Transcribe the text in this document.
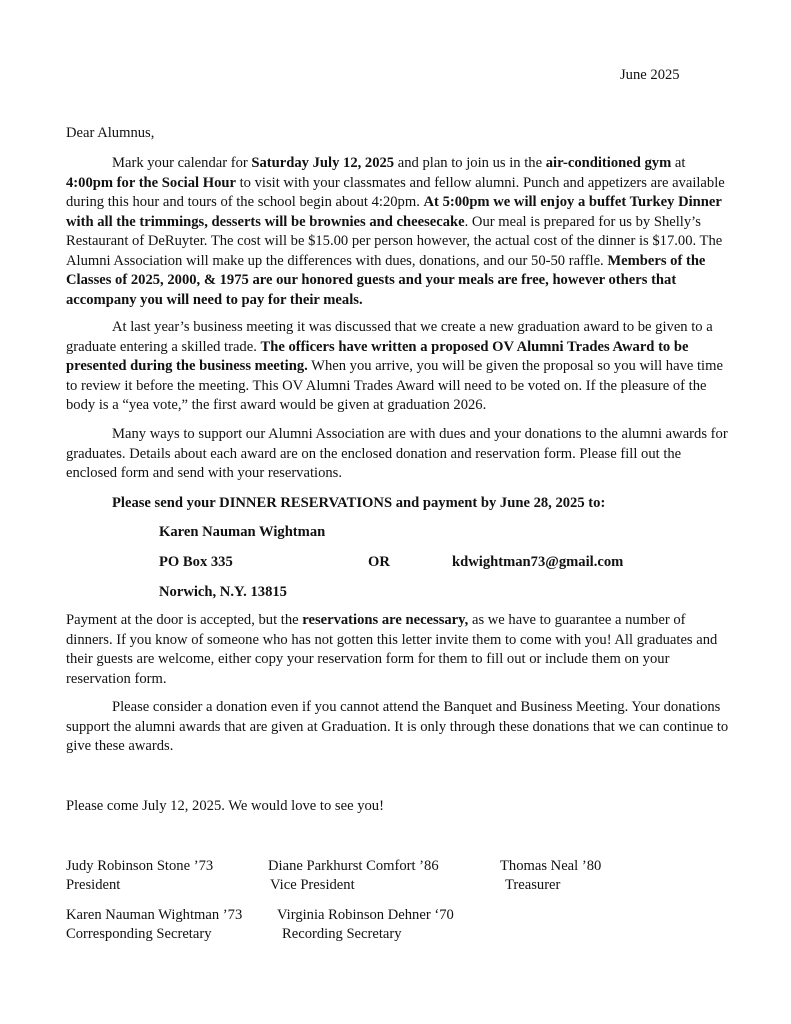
June 2025
Dear Alumnus,

Mark your calendar for Saturday July 12, 2025 and plan to join us in the air-conditioned gym at 4:00pm for the Social Hour to visit with your classmates and fellow alumni. Punch and appetizers are available during this hour and tours of the school begin about 4:20pm. At 5:00pm we will enjoy a buffet Turkey Dinner with all the trimmings, desserts will be brownies and cheesecake. Our meal is prepared for us by Shelly’s Restaurant of DeRuyter. The cost will be $15.00 per person however, the actual cost of the dinner is $17.00. The Alumni Association will make up the differences with dues, donations, and our 50-50 raffle. Members of the Classes of 2025, 2000, & 1975 are our honored guests and your meals are free, however others that accompany you will need to pay for their meals.

At last year’s business meeting it was discussed that we create a new graduation award to be given to a graduate entering a skilled trade. The officers have written a proposed OV Alumni Trades Award to be presented during the business meeting. When you arrive, you will be given the proposal so you will have time to review it before the meeting. This OV Alumni Trades Award will need to be voted on. If the pleasure of the body is a “yea vote,” the first award would be given at graduation 2026.

Many ways to support our Alumni Association are with dues and your donations to the alumni awards for graduates. Details about each award are on the enclosed donation and reservation form. Please fill out the enclosed form and send with your reservations.

Please send your DINNER RESERVATIONS and payment by June 28, 2025 to:
Karen Nauman Wightman
PO Box 335	OR	kdwightman73@gmail.com
Norwich, N.Y. 13815

Payment at the door is accepted, but the reservations are necessary, as we have to guarantee a number of dinners. If you know of someone who has not gotten this letter invite them to come with you! All graduates and their guests are welcome, either copy your reservation form for them to fill out or include them on your reservation form.

Please consider a donation even if you cannot attend the Banquet and Business Meeting. Your donations support the alumni awards that are given at Graduation. It is only through these donations that we can continue to give these awards.

Please come July 12, 2025. We would love to see you!
Judy Robinson Stone ’73
President
Diane Parkhurst Comfort ’86
Vice President
Thomas Neal ’80
Treasurer
Karen Nauman Wightman ’73
Corresponding Secretary
Virginia Robinson Dehner ‘70
Recording Secretary
